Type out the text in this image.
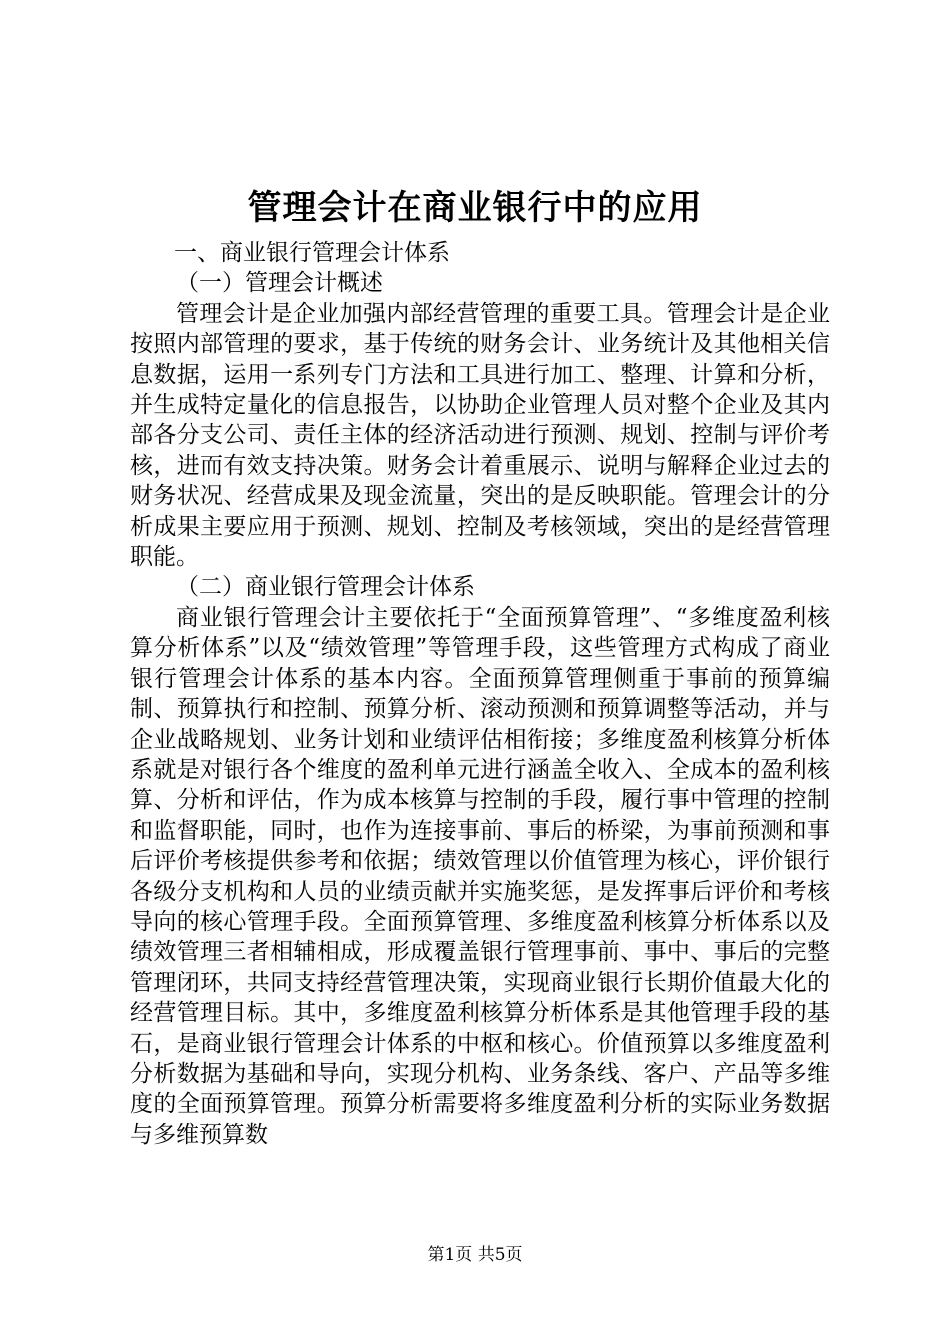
管理会计在商业银行中的应用
一、商业银行管理会计体系
（一）管理会计概述

管理会计是企业加强内部经营管理的重要工具。管理会计是企业按照内部管理的要求，基于传统的财务会计、业务统计及其他相关信息数据，运用一系列专门方法和工具进行加工、整理、计算和分析，并生成特定量化的信息报告，以协助企业管理人员对整个企业及其内部各分支公司、责任主体的经济活动进行预测、规划、控制与评价考核，进而有效支持决策。财务会计着重展示、说明与解释企业过去的财务状况、经营成果及现金流量，突出的是反映职能。管理会计的分析成果主要应用于预测、规划、控制及考核领域，突出的是经营管理职能。

（二）商业银行管理会计体系

商业银行管理会计主要依托于“全面预算管理”、“多维度盈利核算分析体系”以及“绩效管理”等管理手段，这些管理方式构成了商业银行管理会计体系的基本内容。全面预算管理侧重于事前的预算编制、预算执行和控制、预算分析、滚动预测和预算调整等活动，并与企业战略规划、业务计划和业绩评估相衔接；多维度盈利核算分析体系就是对银行各个维度的盈利单元进行涵盖全收入、全成本的盈利核算、分析和评估，作为成本核算与控制的手段，履行事中管理的控制和监督职能，同时，也作为连接事前、事后的桥梁，为事前预测和事后评价考核提供参考和依据；绩效管理以价值管理为核心，评价银行各级分支机构和人员的业绩贡献并实施奖惩，是发挥事后评价和考核导向的核心管理手段。全面预算管理、多维度盈利核算分析体系以及绩效管理三者相辅相成，形成覆盖银行管理事前、事中、事后的完整管理闭环，共同支持经营管理决策，实现商业银行长期价值最大化的经营管理目标。其中，多维度盈利核算分析体系是其他管理手段的基石，是商业银行管理会计体系的中枢和核心。价值预算以多维度盈利分析数据为基础和导向，实现分机构、业务条线、客户、产品等多维度的全面预算管理。预算分析需要将多维度盈利分析的实际业务数据与多维预算数

第1页 共5页
